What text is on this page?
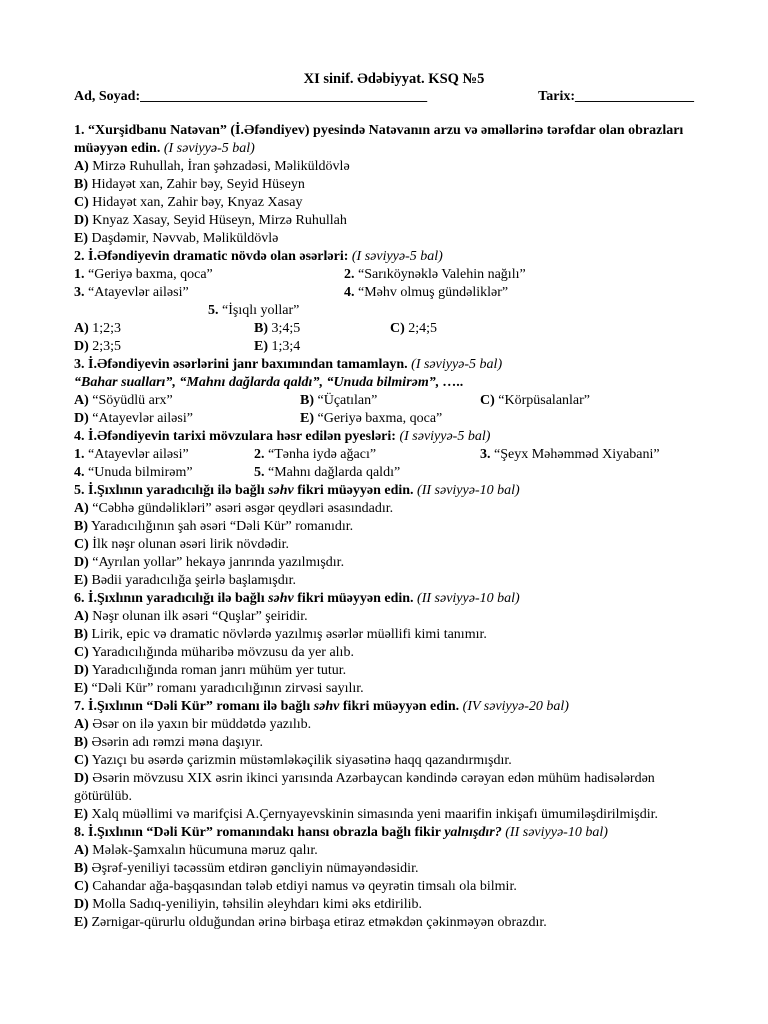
XI sinif. Ədəbiyyat. KSQ №5
Ad, Soyad:_________________________________________	Tarix:_________________
1. “Xurşidbanu Natəvan” (İ.Əfəndiyev) pyesində Natəvanın arzu və əməllərinə tərəfdar olan obrazları müəyyən edin. (I səviyyə-5 bal)
A) Mirzə Ruhullah, İran şəhzadəsi, Məliküldövlə
B) Hidayət xan, Zahir bəy, Seyid Hüseyn
C) Hidayət xan, Zahir bəy, Knyaz Xasay
D) Knyaz Xasay, Seyid Hüseyn, Mirzə Ruhullah
E) Daşdəmir, Nəvvab, Məliküldövlə
2. İ.Əfəndiyevin dramatic növdə olan əsərləri: (I səviyyə-5 bal)
1. “Geriyə baxma, qoca”	2. “Sarıköynəklə Valehin nağılı”
3. “Atayevlər ailəsi”	4. “Məhv olmuş gündəliklər”
5. “İşıqlı yollar”
A) 1;2;3	B) 3;4;5	C) 2;4;5
D) 2;3;5	E) 1;3;4
3. İ.Əfəndiyevin əsərlərini janr baxımından tamamlayn. (I səviyyə-5 bal)
“Bahar sualları”, “Mahnı dağlarda qaldı”, “Unuda bilmirəm”, …..
A) “Söyüdlü arx”	B) “Üçatılan”	C) “Körpüsalanlar”
D) “Atayevlər ailəsi”	E) “Geriyə baxma, qoca”
4. İ.Əfəndiyevin tarixi mövzulara həsr edilən pyesləri: (I səviyyə-5 bal)
1. “Atayevlər ailəsi”	2. “Tənha iydə ağacı”	3. “Şeyx Məhəmməd Xiyabani”
4. “Unuda bilmirəm”	5. “Mahnı dağlarda qaldı”
5. İ.Şıxlının yaradıcılığı ilə bağlı səhv fikri müəyyən edin. (II səviyyə-10 bal)
A) “Cəbhə gündəlikləri” əsəri əsgər qeydləri əsasındadır.
B) Yaradıcılığının şah əsəri “Dəli Kür” romanıdır.
C) İlk nəşr olunan əsəri lirik növdədir.
D) “Ayrılan yollar” hekayə janrında yazılmışdır.
E) Bədii yaradıcılığa şeirlə başlamışdır.
6. İ.Şıxlının yaradıcılığı ilə bağlı səhv fikri müəyyən edin. (II səviyyə-10 bal)
A) Nəşr olunan ilk əsəri “Quşlar” şeiridir.
B) Lirik, epic və dramatic növlərdə yazılmış əsərlər müəllifi kimi tanımır.
C) Yaradıcılığında müharibə mövzusu da yer alıb.
D) Yaradıcılığında roman janrı mühüm yer tutur.
E) “Dəli Kür” romanı yaradıcılığının zirvəsi sayılır.
7. İ.Şıxlının “Dəli Kür” romanı ilə bağlı səhv fikri müəyyən edin. (IV səviyyə-20 bal)
A) Əsər on ilə yaxın bir müddətdə yazılıb.
B) Əsərin adı rəmzi məna daşıyır.
C) Yazıçı bu əsərdə çarizmin müstəmləkəçilik siyasətinə haqq qazandırmışdır.
D) Əsərin mövzusu XIX əsrin ikinci yarısında Azərbaycan kəndində cərəyan edən mühüm hadisələrdən götürülüb.
E) Xalq müəllimi və marifçisi A.Çernyayevskinin simasında yeni maarifin inkişafı ümumiləşdirilmişdir.
8. İ.Şıxlının “Dəli Kür” romanındakı hansı obrazla bağlı fikir yalnışdır? (II səviyyə-10 bal)
A) Mələk-Şamxalın hücumuna məruz qalır.
B) Əşrəf-yeniliyi təcəssüm etdirən gəncliyin nümayəndəsidir.
C) Cahandar ağa-başqasından tələb etdiyi namus və qeyrətin timsalı ola bilmir.
D) Molla Sadıq-yeniliyin, təhsilin əleyhdarı kimi əks etdirilib.
E) Zərnigar-qürurlu olduğundan ərinə birbaşa etiraz etməkdən çəkinməyən obrazdır.
